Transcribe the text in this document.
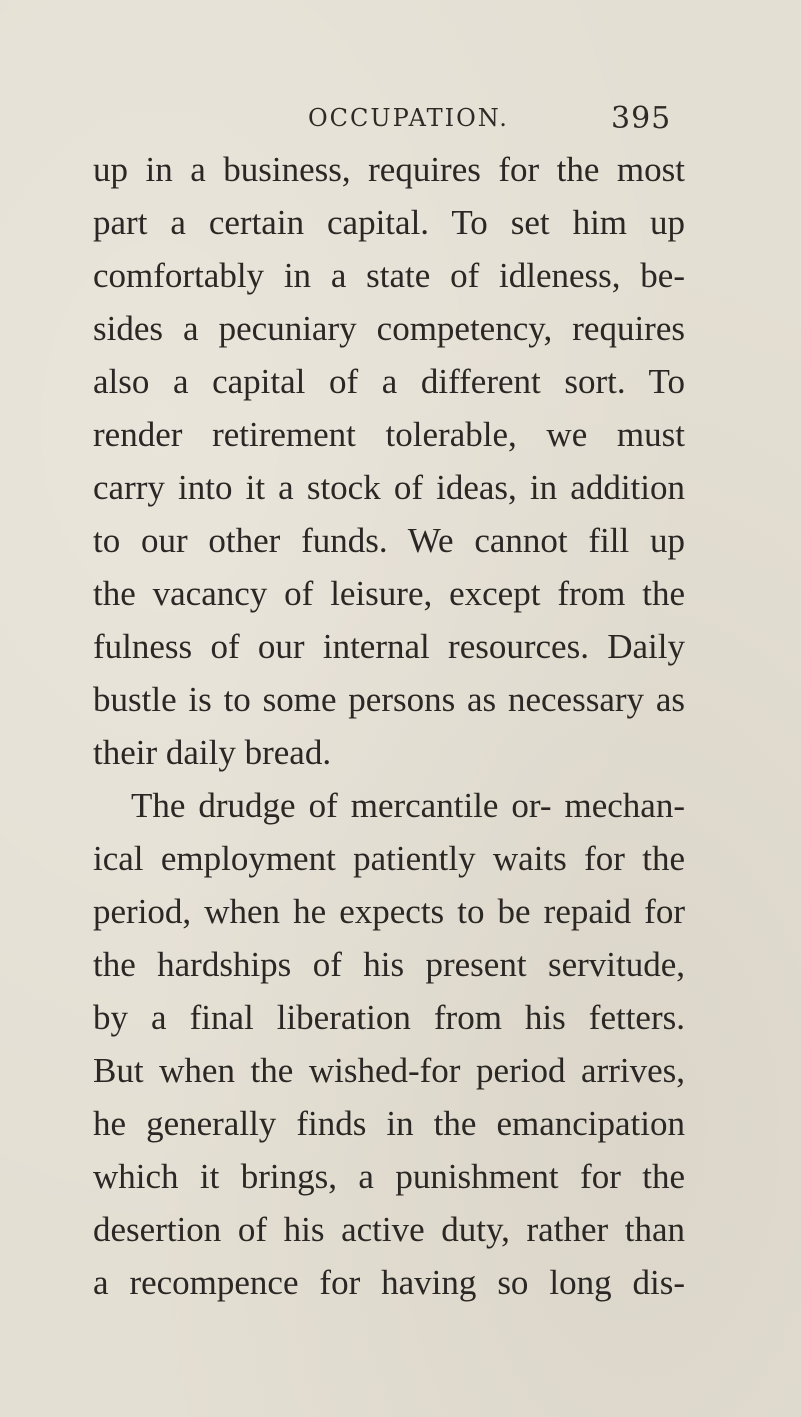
OCCUPATION.	395
up in a business, requires for the most
part a certain capital. To set him up
comfortably in a state of idleness, be-
sides a pecuniary competency, requires
also a capital of a different sort. To
render retirement tolerable, we must
carry into it a stock of ideas, in addition
to our other funds. We cannot fill up
the vacancy of leisure, except from the
fulness of our internal resources. Daily
bustle is to some persons as necessary as
their daily bread.
The drudge of mercantile or- mechan-
ical employment patiently waits for the
period, when he expects to be repaid for
the hardships of his present servitude,
by a final liberation from his fetters.
But when the wished-for period arrives,
he generally finds in the emancipation
which it brings, a punishment for the
desertion of his active duty, rather than
a recompence for having so long dis-
